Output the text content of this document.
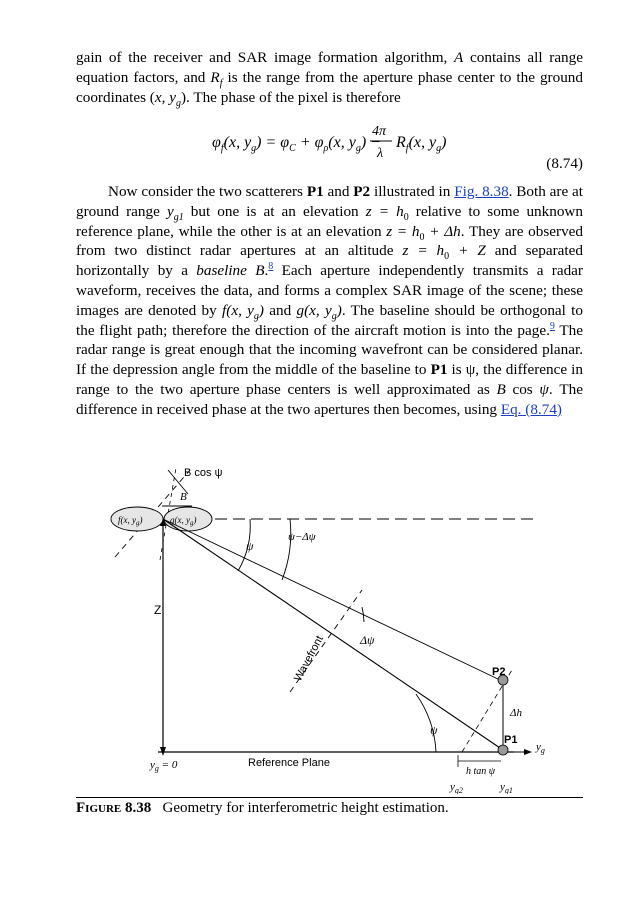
gain of the receiver and SAR image formation algorithm, A contains all range equation factors, and $R_f$ is the range from the aperture phase center to the ground coordinates (x, $y_g$). The phase of the pixel is therefore
$\varphi_f(x$, $y_g) = \varphi_C + \varphi_\rho(x$, $y_g$) −
4π
λ
$R_f(x$, $y_g$)
(8.74)
Now consider the two scatterers P1 and P2 illustrated in Fig. 8.38. Both are at ground range $y_{g1}$ but one is at an elevation $z = h_0$ relative to some unknown reference plane, while the other is at an elevation $z = h_0 + \Delta h$. They are observed from two distinct radar apertures at an altitude $z = h_0 + Z$ and separated horizontally by a baseline B.$^8$ Each aperture independently transmits a radar waveform, receives the data, and forms a complex SAR image of the scene; these images are denoted by f(x, $y_g$) and g(x, $y_g$). The baseline should be orthogonal to the flight path; therefore the direction of the aircraft motion is into the page.$^9$ The radar range is great enough that the incoming wavefront can be considered planar. If the depression angle from the middle of the baseline to P1 is ψ, the difference in range to the two aperture phase centers is well approximated as B cos ψ. The difference in received phase at the two apertures then becomes, using Eq. (8.74)
B cos ψ
B
f(x, $y_g$)	g(x, $y_g$)
ψ
ψ−Δψ
Z
Wavefront	Δψ
P2
Δh
P1
ψ
$y_g$
$y_g = 0$	Reference Plane
h tan ψ
$y_{g2}$	$y_{g1}$
Figure 8.38 Geometry for interferometric height estimation.
